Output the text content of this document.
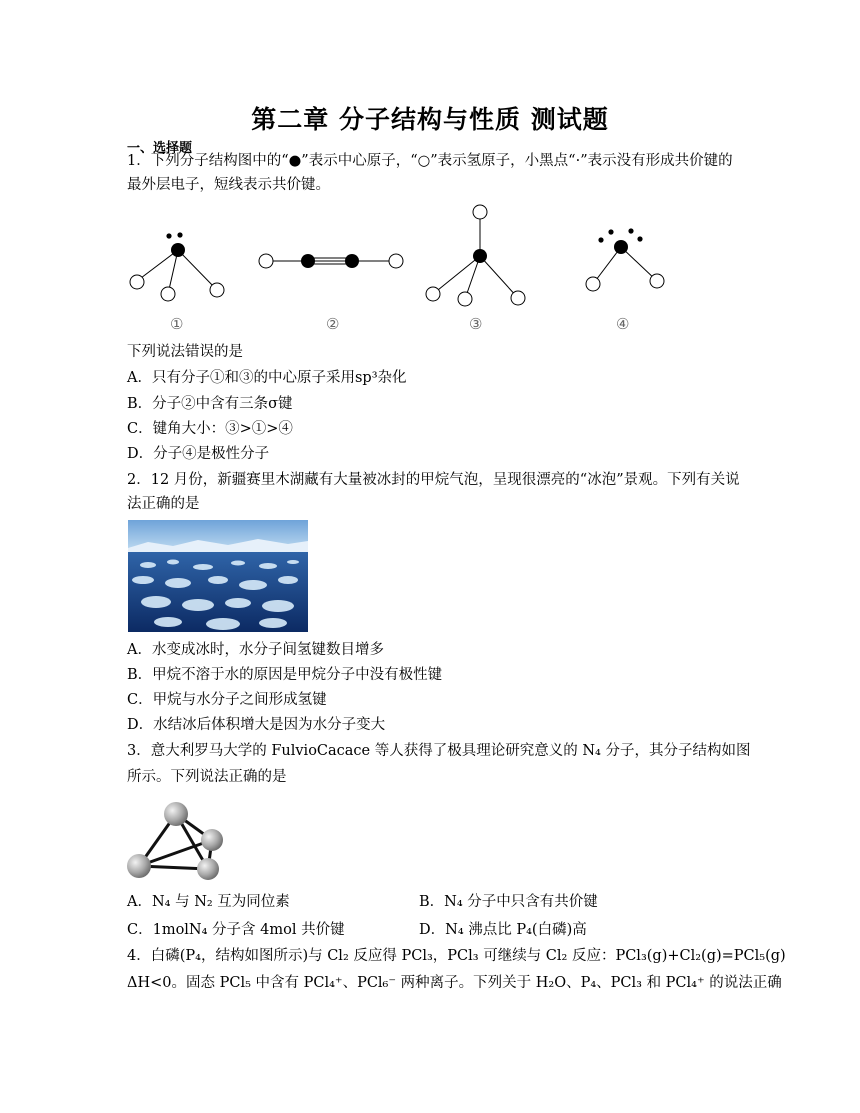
第二章 分子结构与性质 测试题
一、选择题
1．下列分子结构图中的“●”表示中心原子，“○”表示氢原子，小黑点“·”表示没有形成共价键的
最外层电子，短线表示共价键。
①	②	③	④
下列说法错误的是
A．只有分子①和③的中心原子采用sp³杂化
B．分子②中含有三条σ键
C．键角大小：③>①>④
D．分子④是极性分子
2．12 月份，新疆赛里木湖藏有大量被冰封的甲烷气泡，呈现很漂亮的“冰泡”景观。下列有关说
法正确的是
A．水变成冰时，水分子间氢键数目增多
B．甲烷不溶于水的原因是甲烷分子中没有极性键
C．甲烷与水分子之间形成氢键
D．水结冰后体积增大是因为水分子变大
3．意大利罗马大学的 FulvioCacace 等人获得了极具理论研究意义的 N₄ 分子，其分子结构如图
所示。下列说法正确的是
A．N₄ 与 N₂ 互为同位素	B．N₄ 分子中只含有共价键
C．1molN₄ 分子含 4mol 共价键	D．N₄ 沸点比 P₄(白磷)高
4．白磷(P₄，结构如图所示)与 Cl₂ 反应得 PCl₃，PCl₃ 可继续与 Cl₂ 反应：PCl₃(g)+Cl₂(g)=PCl₅(g)
ΔH<0。固态 PCl₅ 中含有 PCl₄⁺、PCl₆⁻ 两种离子。下列关于 H₂O、P₄、PCl₃ 和 PCl₄⁺ 的说法正确
